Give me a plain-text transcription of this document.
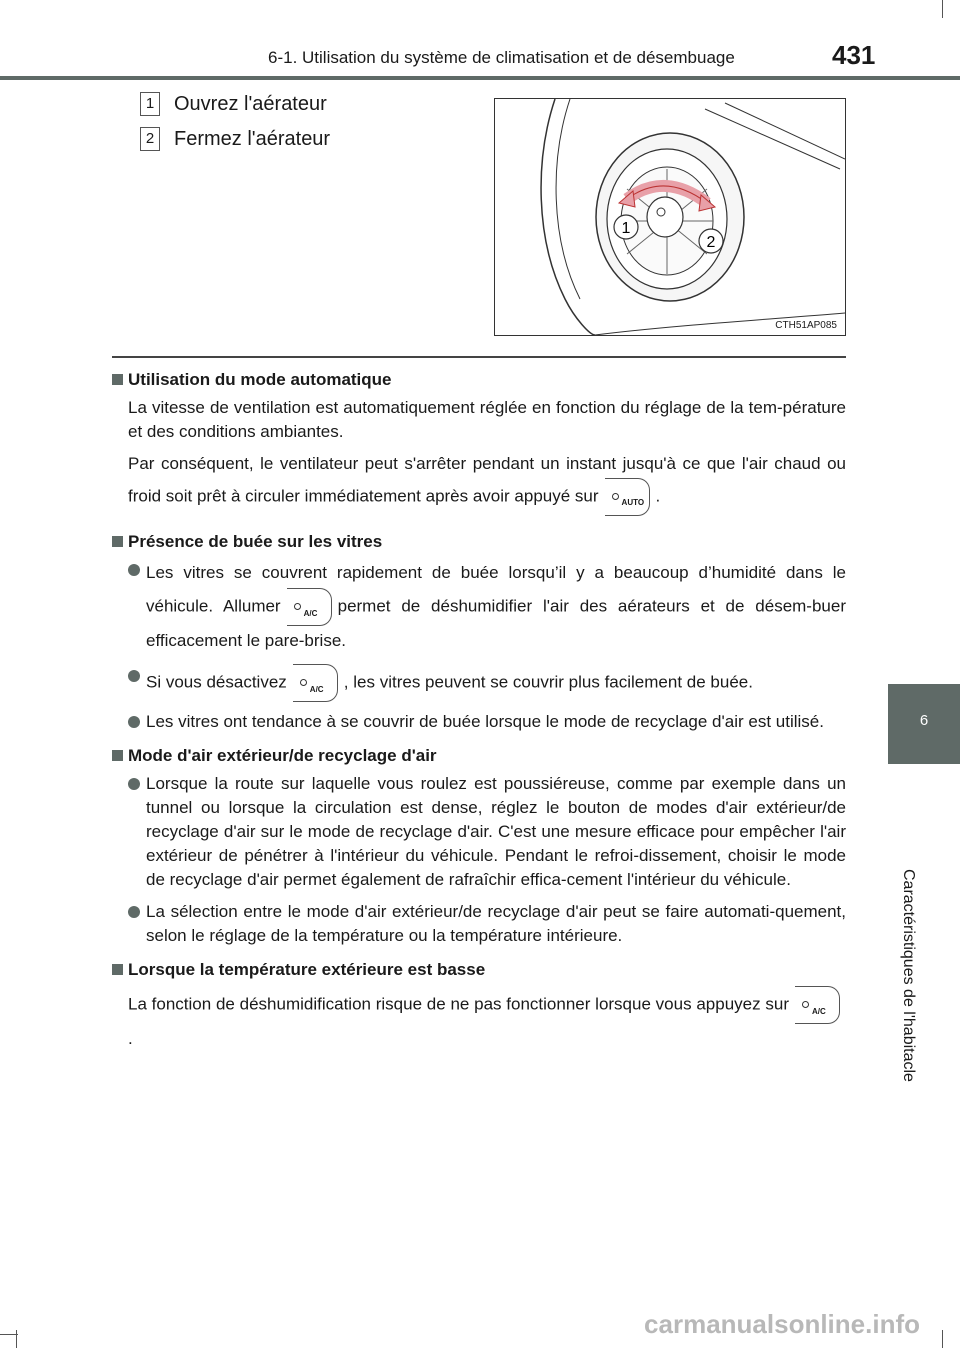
6-1. Utilisation du système de climatisation et de désembuage	431
6
Caractéristiques de l'habitacle
1 Ouvrez l'aérateur
2 Fermez l'aérateur
1
2
CTH51AP085

Utilisation du mode automatique

La vitesse de ventilation est automatiquement réglée en fonction du réglage de la tem-pérature et des conditions ambiantes.

Par conséquent, le ventilateur peut s'arrêter pendant un instant jusqu'à ce que l'air chaud ou froid soit prêt à circuler immédiatement après avoir appuyé sur	AUTO .

Présence de buée sur les vitres

Les vitres se couvrent rapidement de buée lorsqu’il y a beaucoup d’humidité dans le véhicule. Allumer	A/C permet de déshumidifier l'air des aérateurs et de désem-buer efficacement le pare-brise.

Si vous désactivez	A/C , les vitres peuvent se couvrir plus facilement de buée.

Les vitres ont tendance à se couvrir de buée lorsque le mode de recyclage d'air est utilisé.

Mode d'air extérieur/de recyclage d'air

Lorsque la route sur laquelle vous roulez est poussiéreuse, comme par exemple dans un tunnel ou lorsque la circulation est dense, réglez le bouton de modes d'air extérieur/de recyclage d'air sur le mode de recyclage d'air. C'est une mesure efficace pour empêcher l'air extérieur de pénétrer à l'intérieur du véhicule. Pendant le refroi-dissement, choisir le mode de recyclage d'air permet également de rafraîchir effica-cement l'intérieur du véhicule.

La sélection entre le mode d'air extérieur/de recyclage d'air peut se faire automati-quement, selon le réglage de la température ou la température intérieure.

Lorsque la température extérieure est basse

La fonction de déshumidification risque de ne pas fonctionner lorsque vous appuyez sur	A/C
.

carmanualsonline.info
